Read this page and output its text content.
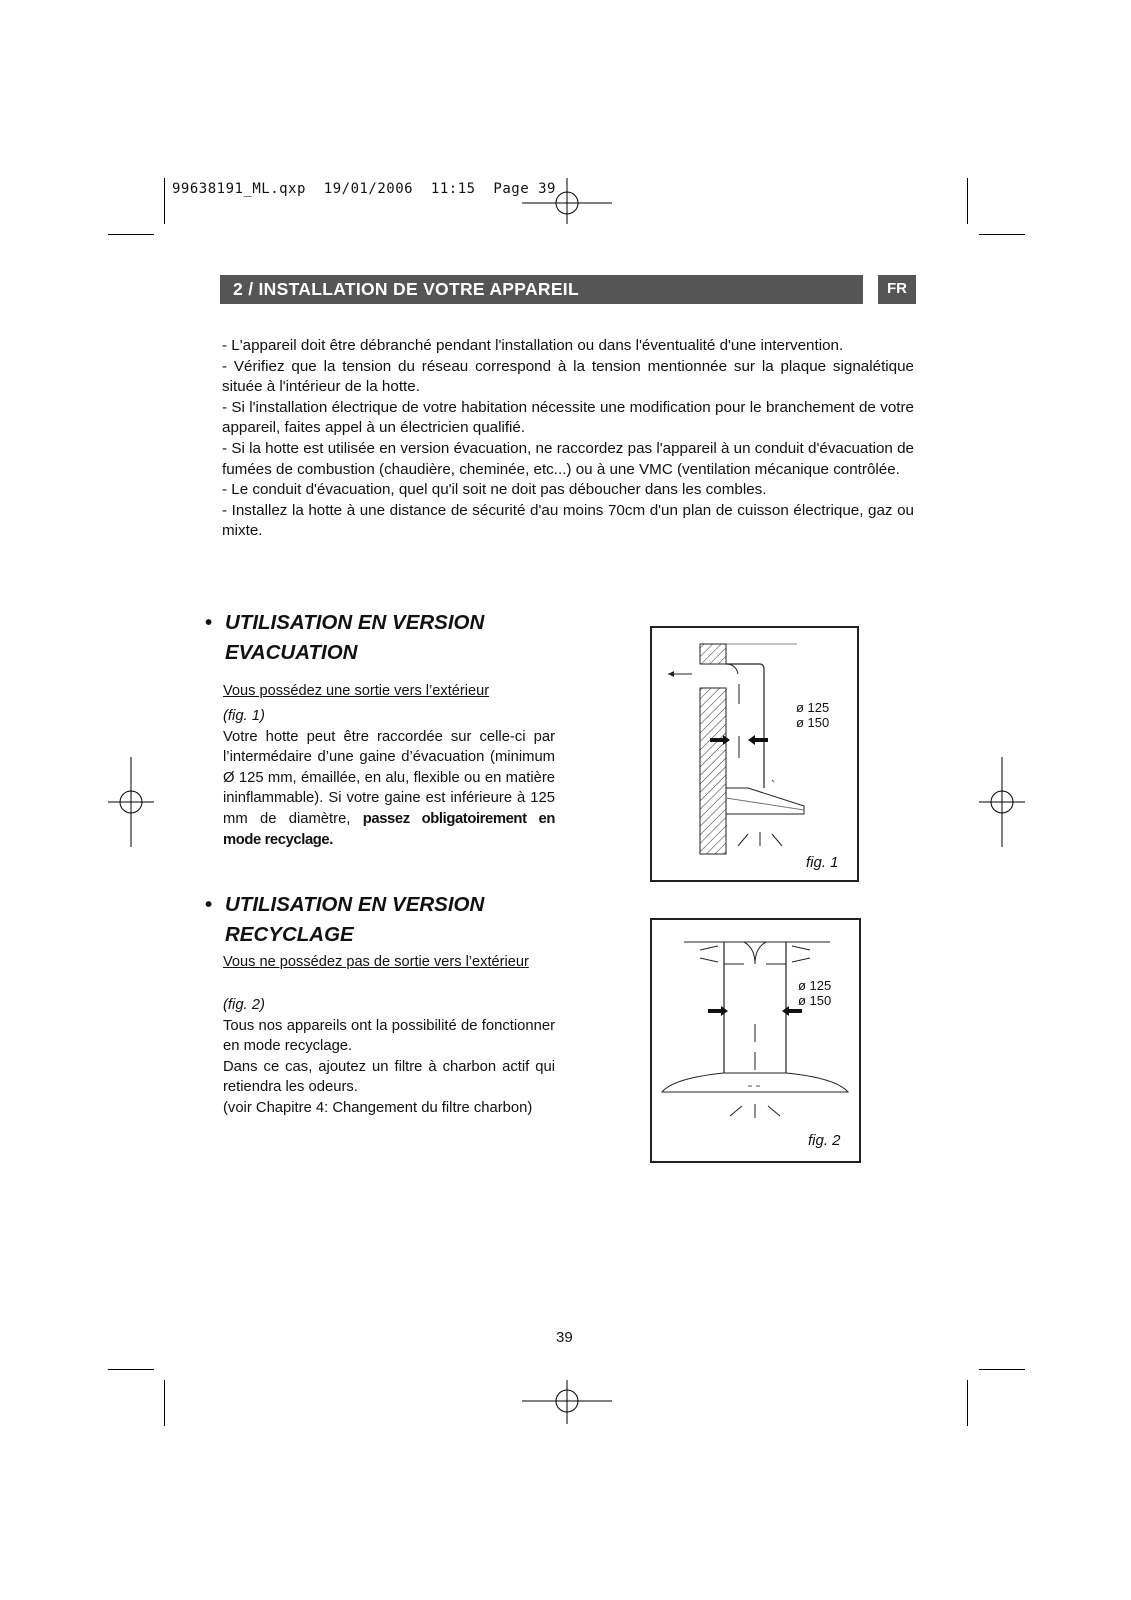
99638191_ML.qxp  19/01/2006  11:15  Page 39
2 / INSTALLATION DE VOTRE APPAREIL	FR

- L'appareil doit être débranché pendant l'installation ou dans l'éventualité d'une intervention.

- Vérifiez que la tension du réseau correspond à la tension mentionnée sur la plaque signalétique située à l'intérieur de la hotte.

- Si l'installation électrique de votre habitation nécessite une modification pour le branchement de votre appareil, faites appel à un électricien qualifié.

- Si la hotte est utilisée en version évacuation, ne raccordez pas l'appareil à un conduit d'évacuation de fumées de combustion (chaudière, cheminée, etc...) ou à une VMC (ventilation mécanique contrôlée.

- Le conduit d'évacuation, quel qu'il soit ne doit pas déboucher dans les combles.

- Installez la hotte à une distance de sécurité d'au moins 70cm d'un plan de cuisson électrique, gaz ou mixte.

• UTILISATION EN VERSION
EVACUATION
Vous possédez une sortie vers l’extérieur

(fig. 1)

Votre hotte peut être raccordée sur celle-ci par l’intermédaire d’une gaine d’évacuation (minimum Ø 125 mm, émaillée, en alu, flexible ou en matière ininflammable). Si votre gaine est inférieure à 125 mm de diamètre, passez obligatoirement en mode recyclage.

ø 125
ø 150
fig. 1
• UTILISATION EN VERSION
RECYCLAGE
Vous ne possédez pas de sortie vers l’extérieur

(fig. 2)

Tous nos appareils ont la possibilité de fonctionner en mode recyclage.

Dans ce cas, ajoutez un filtre à charbon actif qui retiendra les odeurs.

(voir Chapitre 4: Changement du filtre charbon)

ø 125
ø 150
fig. 2
39
